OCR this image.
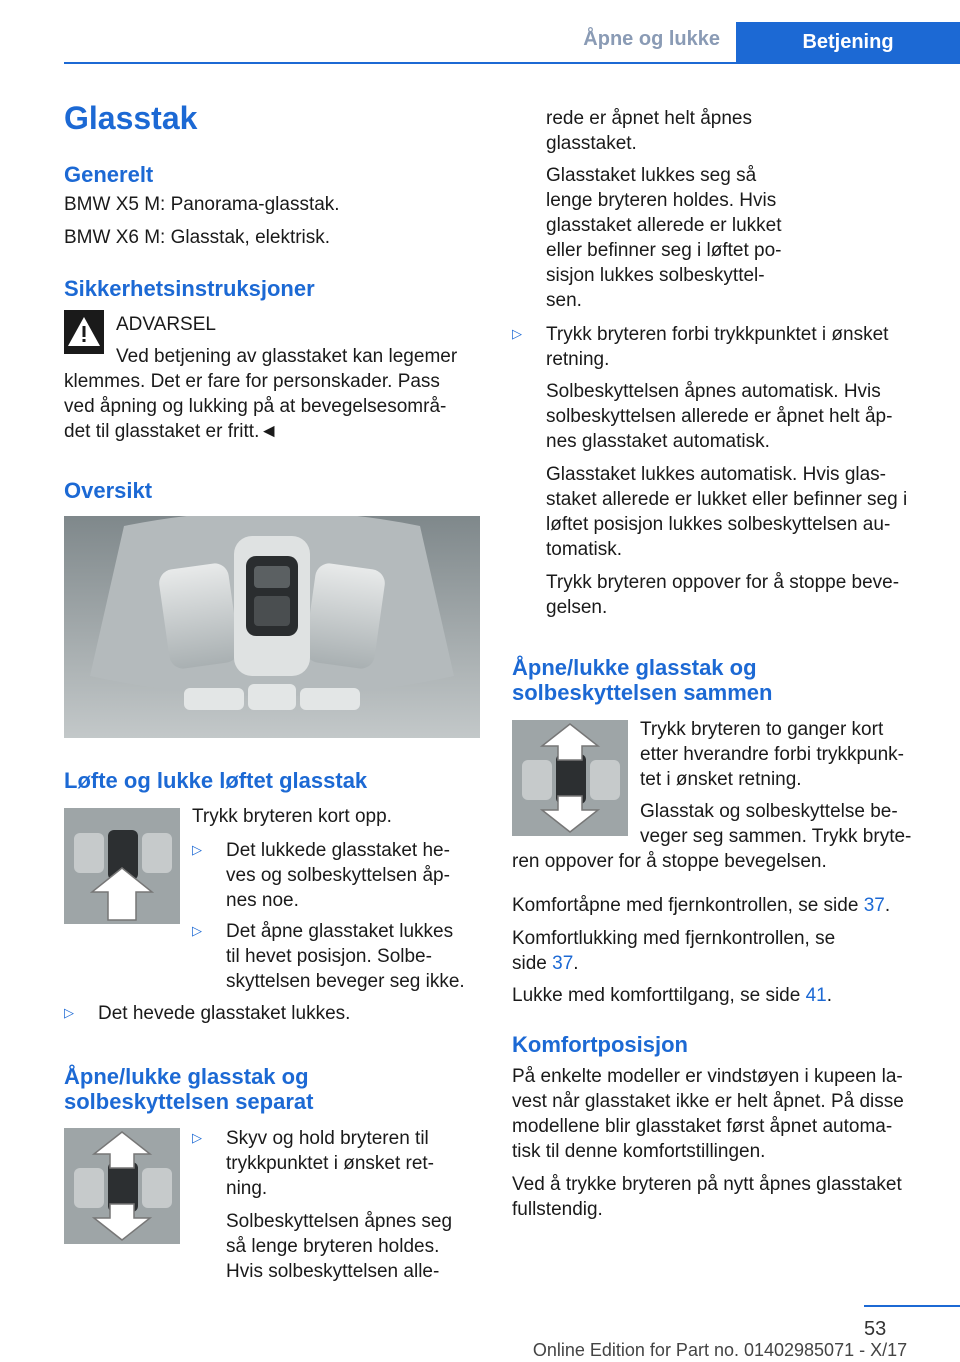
Åpne og lukke	Betjening
Glasstak
Generelt
BMW X5 M: Panorama-glasstak.
BMW X6 M: Glasstak, elektrisk.
Sikkerhetsinstruksjoner
ADVARSEL
Ved betjening av glasstaket kan legemer
klemmes. Det er fare for personskader. Pass
ved åpning og lukking på at bevegelsesområ-
det til glasstaket er fritt.◄
Oversikt
Løfte og lukke løftet glasstak
Trykk bryteren kort opp.
▷ Det lukkede glasstaket he-
ves og solbeskyttelsen åp-
nes noe.
▷ Det åpne glasstaket lukkes
til hevet posisjon. Solbe-
skyttelsen beveger seg ikke.
▷ Det hevede glasstaket lukkes.
Åpne/lukke glasstak og
solbeskyttelsen separat
▷ Skyv og hold bryteren til
trykkpunktet i ønsket ret-
ning.
Solbeskyttelsen åpnes seg
så lenge bryteren holdes.
Hvis solbeskyttelsen alle-
rede er åpnet helt åpnes
glasstaket.
Glasstaket lukkes seg så
lenge bryteren holdes. Hvis
glasstaket allerede er lukket
eller befinner seg i løftet po-
sisjon lukkes solbeskyttel-
sen.
▷ Trykk bryteren forbi trykkpunktet i ønsket
retning.
Solbeskyttelsen åpnes automatisk. Hvis
solbeskyttelsen allerede er åpnet helt åp-
nes glasstaket automatisk.
Glasstaket lukkes automatisk. Hvis glas-
staket allerede er lukket eller befinner seg i
løftet posisjon lukkes solbeskyttelsen au-
tomatisk.
Trykk bryteren oppover for å stoppe beve-
gelsen.
Åpne/lukke glasstak og
solbeskyttelsen sammen
Trykk bryteren to ganger kort
etter hverandre forbi trykkpunk-
tet i ønsket retning.
Glasstak og solbeskyttelse be-
veger seg sammen. Trykk bryte-
ren oppover for å stoppe bevegelsen.
Komfortåpne med fjernkontrollen, se side 37.
Komfortlukking med fjernkontrollen, se
side 37.
Lukke med komforttilgang, se side 41.
Komfortposisjon
På enkelte modeller er vindstøyen i kupeen la-
vest når glasstaket ikke er helt åpnet. På disse
modellene blir glasstaket først åpnet automa-
tisk til denne komfortstillingen.
Ved å trykke bryteren på nytt åpnes glasstaket
fullstendig.
53
Online Edition for Part no. 01402985071 - X/17
